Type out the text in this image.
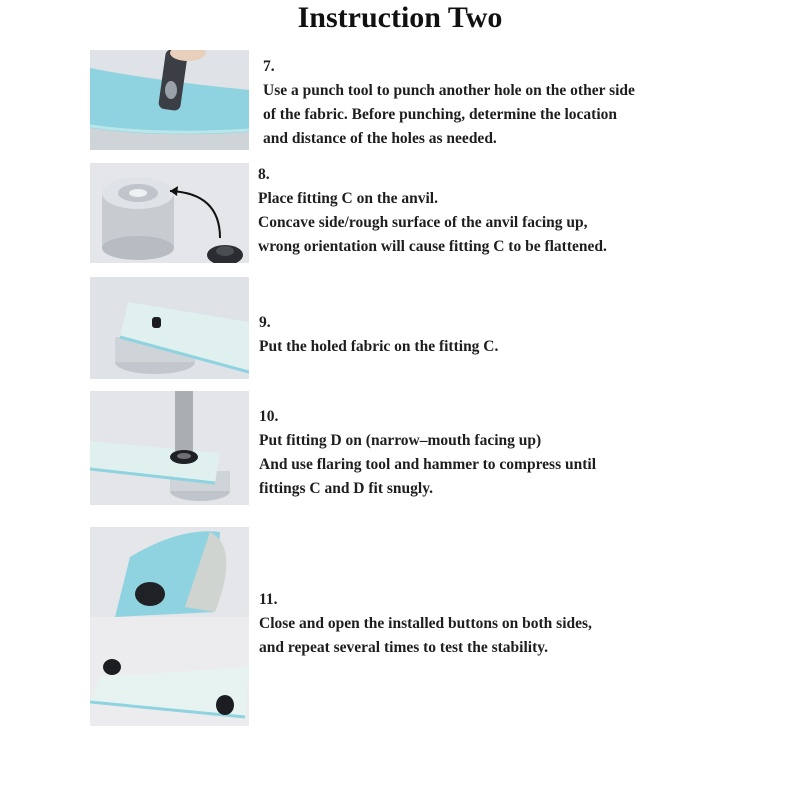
Instruction Two
7.
Use a punch tool to punch another hole on the other side
of the fabric. Before punching, determine the location
and distance of the holes as needed.
8.
Place fitting C on the anvil.
Concave side/rough surface of the anvil facing up,
wrong orientation will cause fitting C to be flattened.
9.
Put the holed fabric on the fitting C.
10.
Put fitting D on (narrow–mouth facing up)
And use flaring tool and hammer to compress until
fittings C and D fit snugly.
11.
Close and open the installed buttons on both sides,
and repeat several times to test the stability.
